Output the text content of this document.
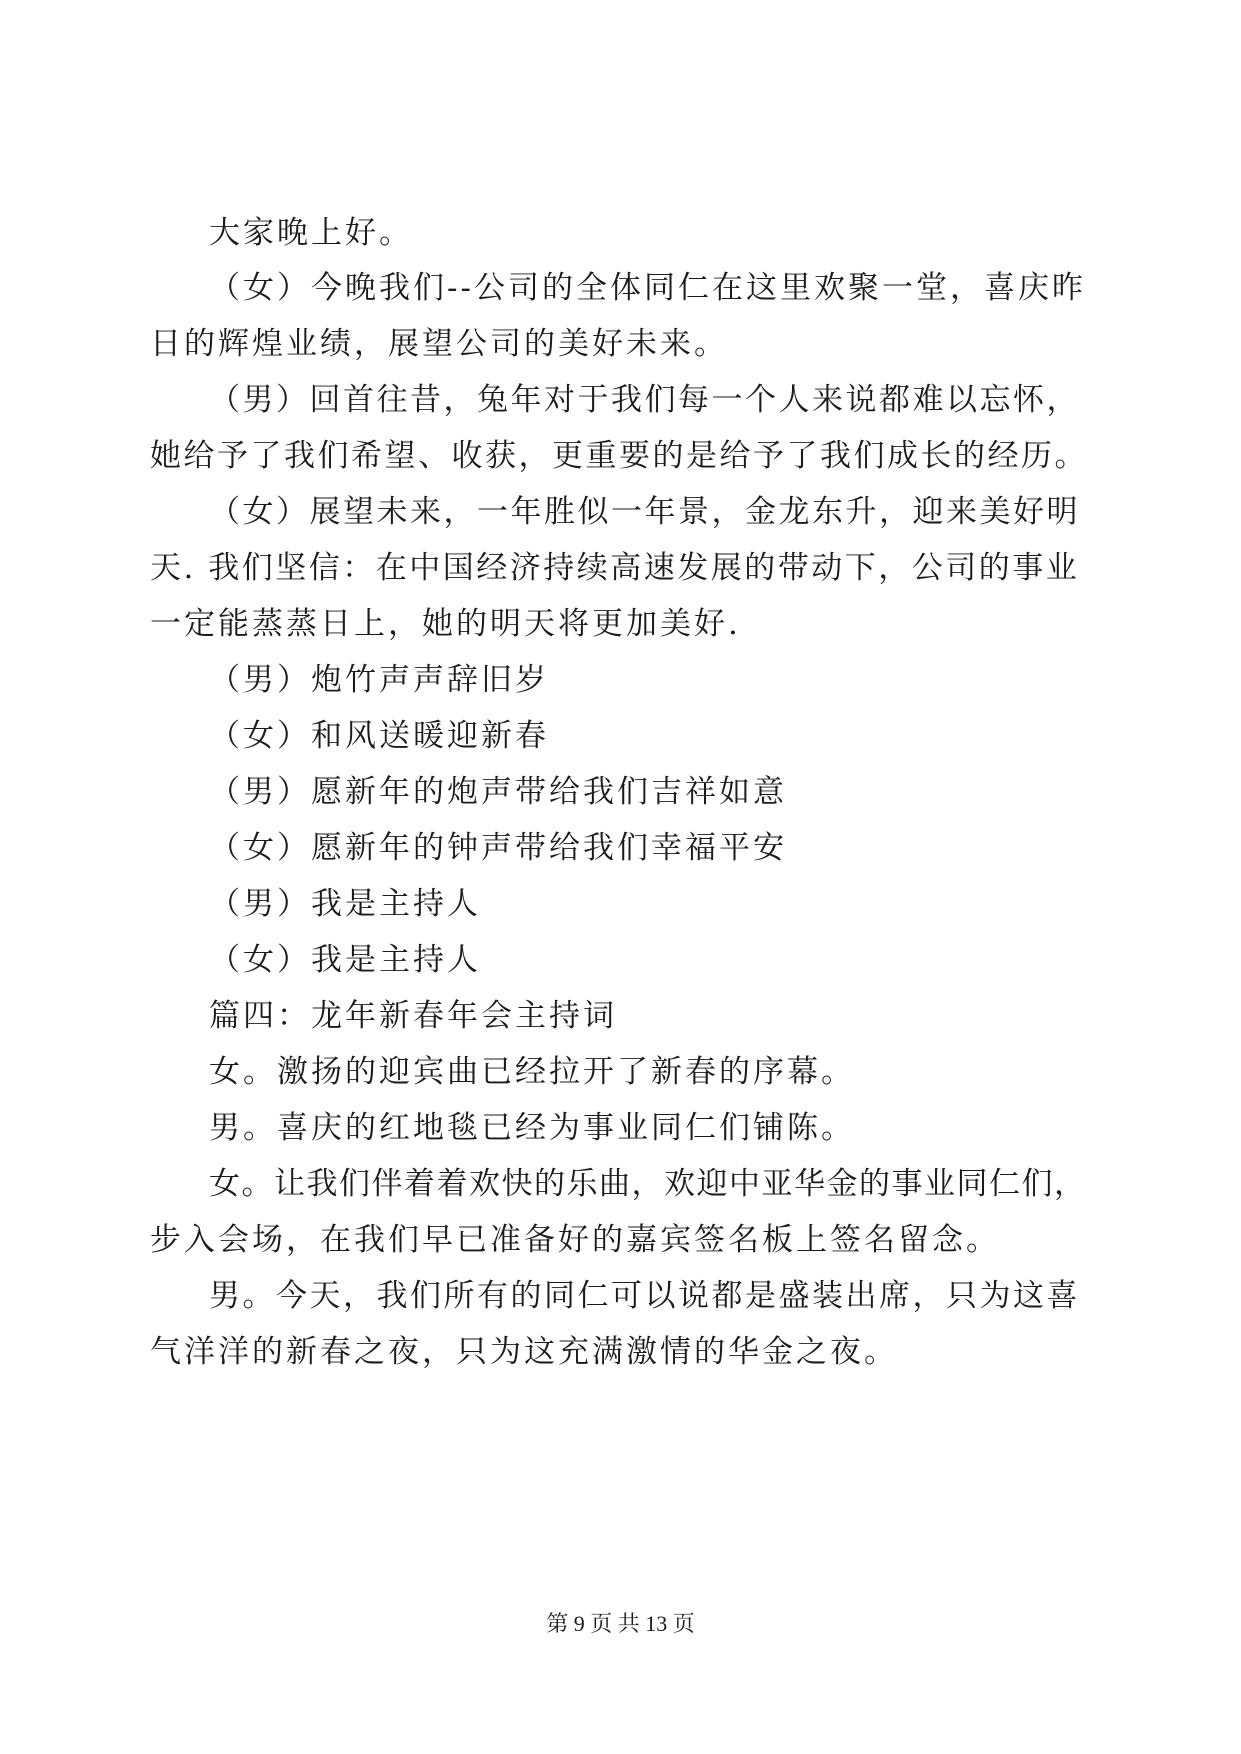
大家晚上好。
（女）今晚我们--公司的全体同仁在这里欢聚一堂，喜庆昨
日的辉煌业绩，展望公司的美好未来。
（男）回首往昔，兔年对于我们每一个人来说都难以忘怀，
她给予了我们希望、收获，更重要的是给予了我们成长的经历。
（女）展望未来，一年胜似一年景，金龙东升，迎来美好明
天. 我们坚信：在中国经济持续高速发展的带动下，公司的事业
一定能蒸蒸日上，她的明天将更加美好.
（男）炮竹声声辞旧岁
（女）和风送暖迎新春
（男）愿新年的炮声带给我们吉祥如意
（女）愿新年的钟声带给我们幸福平安
（男）我是主持人
（女）我是主持人
篇四：龙年新春年会主持词
女。激扬的迎宾曲已经拉开了新春的序幕。
男。喜庆的红地毯已经为事业同仁们铺陈。
女。让我们伴着着欢快的乐曲，欢迎中亚华金的事业同仁们，
步入会场，在我们早已准备好的嘉宾签名板上签名留念。
男。今天，我们所有的同仁可以说都是盛装出席，只为这喜
气洋洋的新春之夜，只为这充满激情的华金之夜。
第 9 页 共 13 页
